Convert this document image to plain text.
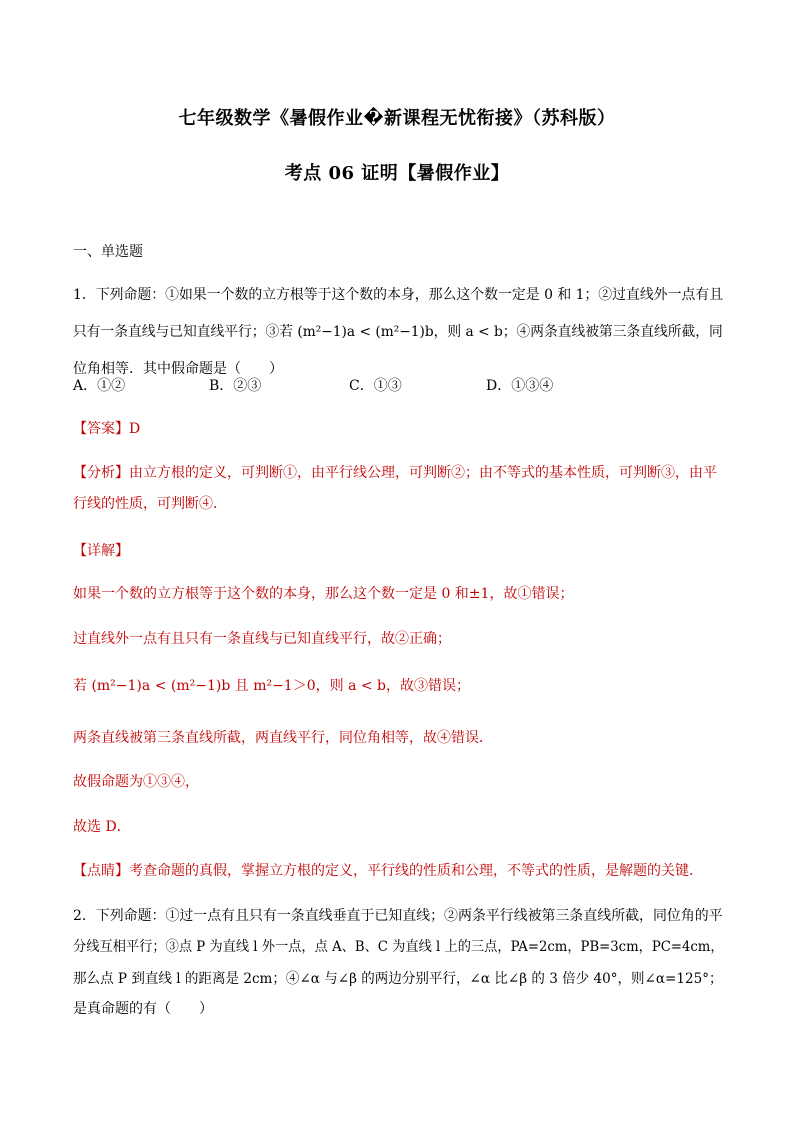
七年级数学《暑假作业�新课程无忧衔接》（苏科版）
考点 06 证明【暑假作业】
一、单选题
1．下列命题：①如果一个数的立方根等于这个数的本身，那么这个数一定是 0 和 1；②过直线外一点有且
只有一条直线与已知直线平行；③若 (m²−1)a < (m²−1)b，则 a < b；④两条直线被第三条直线所截，同
位角相等．其中假命题是（　　）
A．①②	B．②③	C．①③	D．①③④
【答案】D
【分析】由立方根的定义，可判断①，由平行线公理，可判断②；由不等式的基本性质，可判断③，由平
行线的性质，可判断④．
【详解】
如果一个数的立方根等于这个数的本身，那么这个数一定是 0 和±1，故①错误；
过直线外一点有且只有一条直线与已知直线平行，故②正确；
若 (m²−1)a < (m²−1)b 且 m²−1＞0，则 a < b，故③错误；
两条直线被第三条直线所截，两直线平行，同位角相等，故④错误．
故假命题为①③④，
故选 D．
【点睛】考查命题的真假，掌握立方根的定义，平行线的性质和公理，不等式的性质，是解题的关键．
2．下列命题：①过一点有且只有一条直线垂直于已知直线；②两条平行线被第三条直线所截，同位角的平
分线互相平行；③点 P 为直线 l 外一点，点 A、B、C 为直线 l 上的三点，PA=2cm，PB=3cm，PC=4cm，
那么点 P 到直线 l 的距离是 2cm；④∠α 与∠β 的两边分别平行，∠α 比∠β 的 3 倍少 40°，则∠α=125°；
是真命题的有（　　）
